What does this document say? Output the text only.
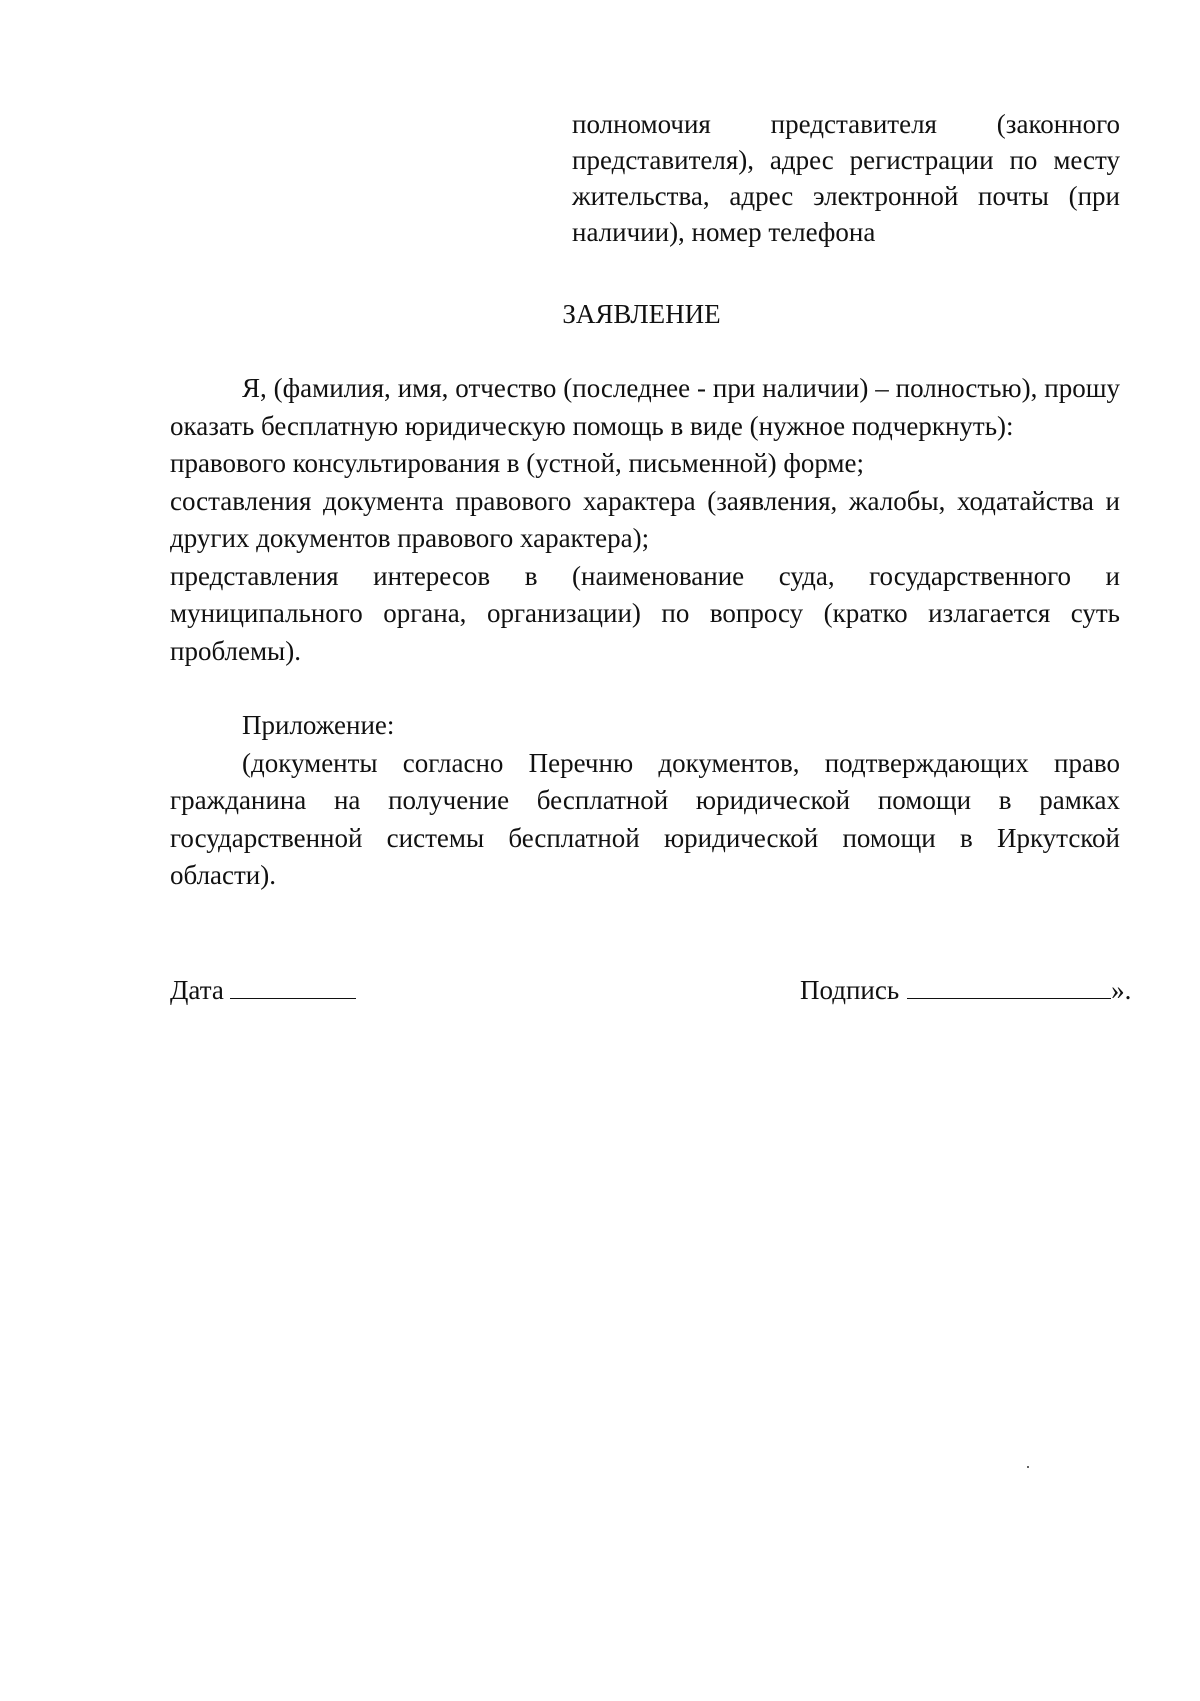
полномочия представителя (законного представителя), адрес регистрации по месту жительства, адрес электронной почты (при наличии), номер телефона

ЗАЯВЛЕНИЕ

Я, (фамилия, имя, отчество (последнее - при наличии) – полностью), прошу оказать бесплатную юридическую помощь в виде (нужное подчеркнуть):

правового консультирования в (устной, письменной) форме;

составления документа правового характера (заявления, жалобы, ходатайства и других документов правового характера);

представления интересов в (наименование суда, государственного и муниципального органа, организации) по вопросу (кратко излагается суть проблемы).

Приложение:

(документы согласно Перечню документов, подтверждающих право гражданина на получение бесплатной юридической помощи в рамках государственной системы бесплатной юридической помощи в Иркутской области).

Дата	Подпись	».
